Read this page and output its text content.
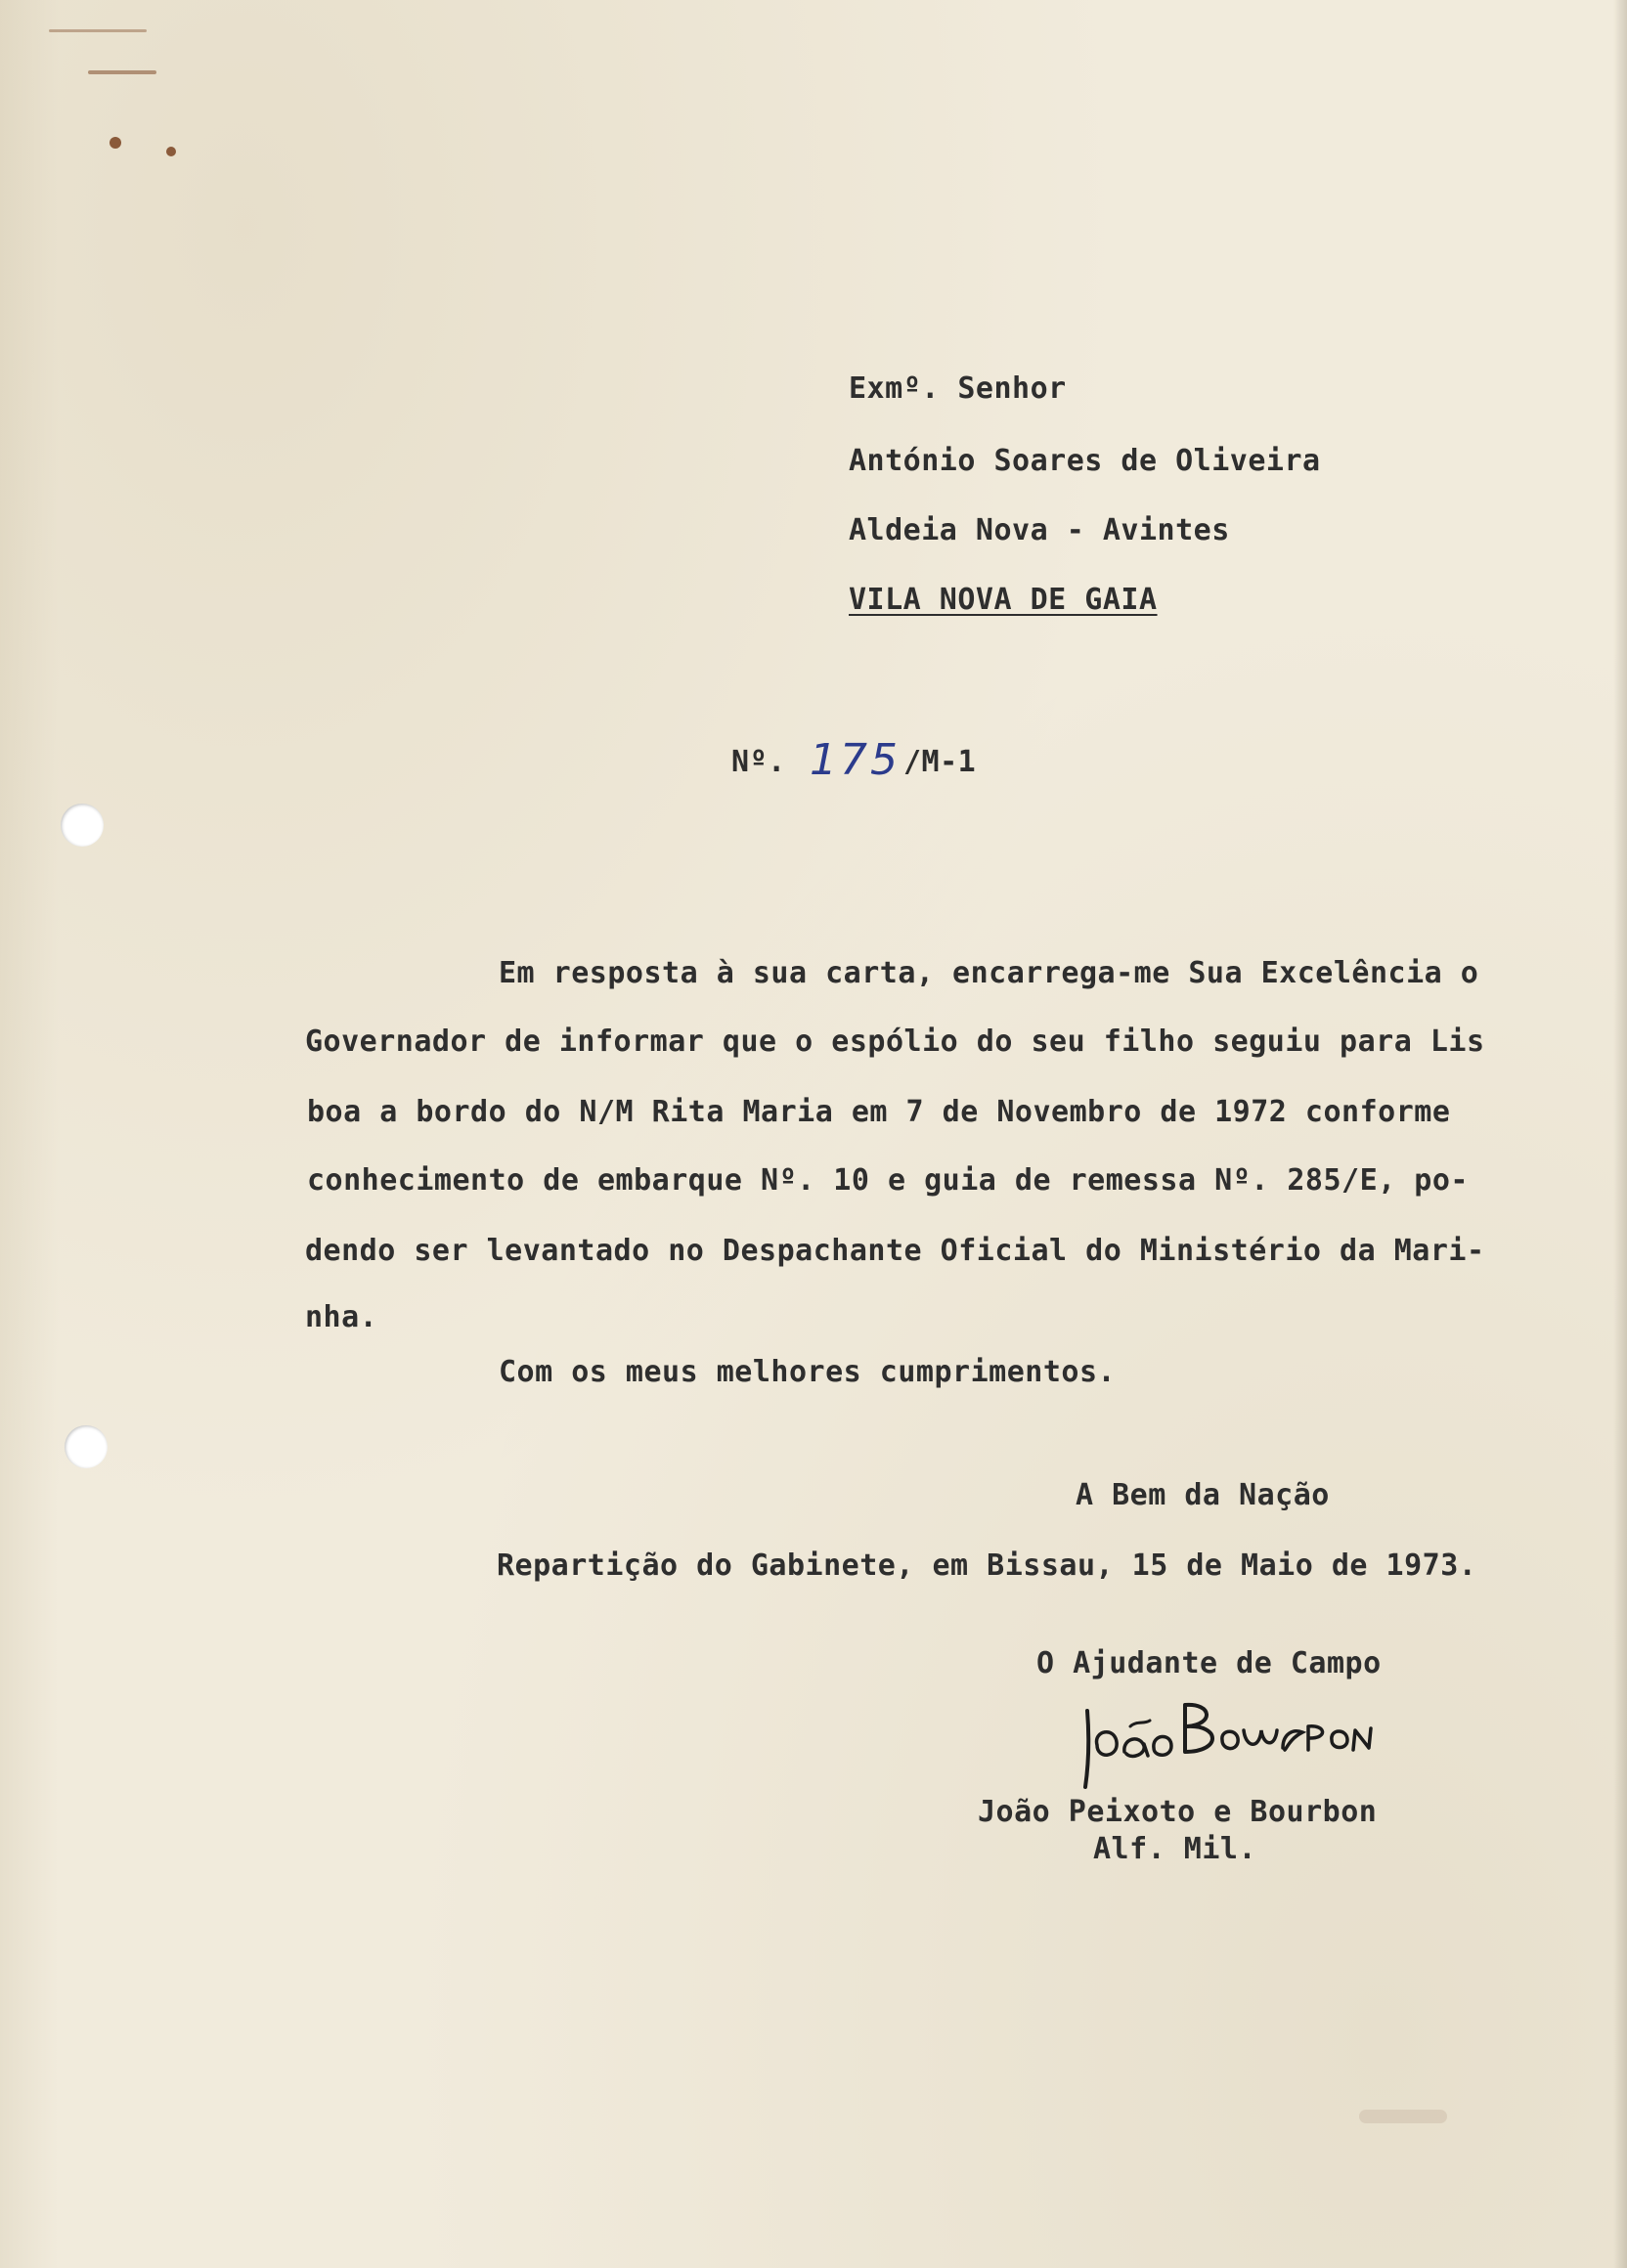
Exmº. Senhor
António Soares de Oliveira
Aldeia Nova - Avintes
VILA NOVA DE GAIA
Nº. 175 /M-1
Em resposta à sua carta, encarrega-me Sua Excelência o
Governador de informar que o espólio do seu filho seguiu para Lis
boa a bordo do N/M Rita Maria em 7 de Novembro de 1972 conforme
conhecimento de embarque Nº. 10 e guia de remessa Nº. 285/E, po-
dendo ser levantado no Despachante Oficial do Ministério da Mari-
nha.
Com os meus melhores cumprimentos.
A Bem da Nação
Repartição do Gabinete, em Bissau, 15 de Maio de 1973.
O Ajudante de Campo
João Peixoto e Bourbon
Alf. Mil.
